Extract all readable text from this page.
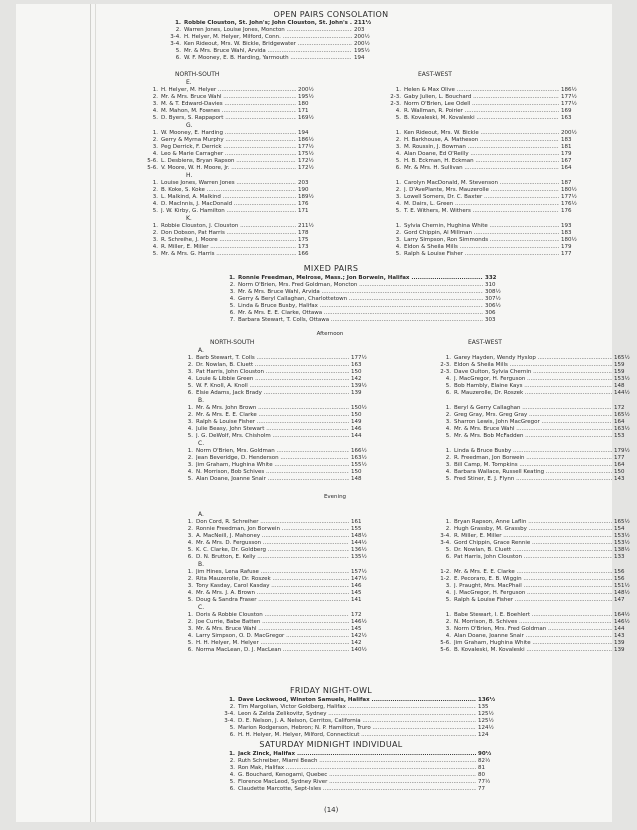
OPEN PAIRS CONSOLATION
1. Robbie Clouston, St. John's; John Clouston, St. John's ..... 211½
2. Warren Jones, Louise Jones, Moncton .....	203
3-4. H. Helyer, M. Helyer, Milford, Conn. .....	200½
3-4. Ken Rideout, Mrs. W. Bickle, Bridgewater .....	200½
5. Mr. & Mrs. Bruce Wahl, Arvida .....	195½
6. W. F. Mooney, E. B. Harding, Yarmouth .....	194
NORTH-SOUTH
E.
1. H. Helyer, M. Helyer .....	200½
2. Mr. & Mrs. Bruce Wahl .....	195½
3. M. & T. Edward-Davies .....	180
4. M. Mahon, M. Fownes .....	171
5. D. Byers, S. Rappaport .....	169½
G.
1. W. Mooney, E. Harding .....	194
2. Gerry & Myrna Murphy .....	186½
3. Peg Derrick, F. Derrick .....	177½
4. Leo & Marie Carragher .....	175½
5-6. L. Desbiens, Bryan Rapson .....	172½
5-6. V. Moore, W. H. Moore, Jr. .....	172½
H.
1. Louise Jones, Warren Jones .....	203
2. B. Koke, S. Koke .....	190
3. L. Malkind, A. Malkind .....	189½
4. D. MacInnis, J. MacDonald .....	176
5. J. W. Kirby, G. Hamilton .....	171
K.
1. Robbie Clouston, J. Clouston .....	211½
2. Don Dobson, Pat Harris .....	178
3. R. Schreihe, J. Moore .....	175
4. R. Miller, E. Miller .....	173
5. Mr. & Mrs. G. Harris .....	166
EAST-WEST
1. Helen & Max Olive .....	186½
2-3. Gaby Julien, L. Bouchard .....	177½
2-3. Norm O'Brien, Lee Odell .....	177½
4. R. Wallman, R. Poirier .....	169
5. B. Kovaleski, M. Kovaleski .....	163
1. Ken Rideout, Mrs. W. Bickle .....	200½
2. H. Barkhouse, A. Matheson .....	183
3. M. Roussin, J. Bowman .....	181
4. Alan Doane, Ed O'Reilly .....	179
5. H. B. Eckman, H. Eckman .....	167
6. Mr. & Mrs. H. Sullivan .....	164
1. Carolyn MacDonald, M. Stevenson .....	187
2. J. D'AvePlante, Mrs. Mauzerolle .....	180½
3. Lowell Somers, Dr. C. Baxter .....	177½
4. M. Dairs, L. Green .....	176½
5. T. E. Withers, M. Withers .....	176
1. Sylvia Chernin, Hughina White .....	193
2. Gord Chippin, Al Millman .....	183
3. Larry Simpson, Ron Simmonds .....	180½
4. Eldon & Sheila Mills .....	179
5. Ralph & Louise Fisher .....	177
MIXED PAIRS
1. Ronnie Freedman, Melrose, Mass.; Jon Borwein, Halifax .....	332
2. Norm O'Brien, Mrs. Fred Goldman, Moncton .....	310
3. Mr. & Mrs. Bruce Wahl, Arvida .....	308½
4. Gerry & Beryl Callaghan, Charlottetown .....	307½
5. Linda & Bruce Busby, Halifax .....	306½
6. Mr. & Mrs. E. E. Clarke, Ottawa .....	306
7. Barbara Stewart, T. Colls, Ottawa .....	303
Afternoon
NORTH-SOUTH
A.
1. Barb Stewart, T. Colls .....	177½
2. Dr. Nowlan, B. Cluett .....	163
3. Pat Harris, John Clouston .....	150
4. Louie & Libbie Green .....	142
5. W. F. Knoll, A. Knoll .....	139½
6. Elsie Adams, Jack Brady .....	139
B.
1. Mr. & Mrs. John Brown .....	150½
2. Mr. & Mrs. E. E. Clarke .....	150
3. Ralph & Louise Fisher .....	149
4. Julie Beasy, John Stewart .....	146
5. J. G. DeWolf, Mrs. Chisholm .....	144
C.
1. Norm O'Brien, Mrs. Goldman .....	166½
2. Jean Beveridge, D. Henderson .....	163½
3. Jim Graham, Hughina White .....	155½
4. N. Morrison, Bob Schives .....	150
5. Alan Doane, Joanne Snair .....	148
EAST-WEST
1. Garey Hayden, Wendy Hyslop .....	165½
2-3. Eldon & Sheila Mills .....	159
2-3. Dave Oulton, Sylvia Chernin .....	159
4. J. MacGregor, H. Ferguson .....	153½
5. Bob Hambly, Elaine Kays .....	148
6. R. Mauzerolle, Dr. Roszek .....	144½
1. Beryl & Gerry Callaghan .....	172
2. Greg Gray, Mrs. Greg Gray .....	165½
3. Sharron Lewis, John MacGregor .....	164
4. Mr. & Mrs. Bruce Wahl .....	163½
5. Mr. & Mrs. Bob McFadden .....	153
1. Linda & Bruce Busby .....	179½
2. R. Freedman, Jon Borwein .....	177
3. Bill Camp, M. Tompkins .....	164
4. Barbara Wallace, Russell Keating .....	150
5. Fred Stiner, E. J. Flynn .....	143
Evening
A.
1. Don Cord, R. Schreiher .....	161
2. Ronnie Freedman, Jon Borwein .....	155
3. A. MacNeill, J. Mahoney .....	148½
4. Mr. & Mrs. D. Fergusson .....	144½
5. K. C. Clarke, Dr. Goldberg .....	136½
6. D. N. Brutton, E. Kelly .....	135½
B.
1. Jim Hines, Lena Rafuse .....	157½
2. Rita Mauzerolle, Dr. Roszek .....	147½
3. Tony Kasday, Carol Kasday .....	146
4. Mr. & Mrs. J. A. Brown .....	145
5. Doug & Sandra Fraser .....	141
C.
1. Doris & Robbie Clouston .....	172
2. Joe Currie, Babe Batten .....	146½
3. Mr. & Mrs. Bruce Wahl .....	145
4. Larry Simpson, O. D. MacGregor .....	142½
5. H. H. Helyer, M. Helyer .....	142
6. Norma MacLean, D. J. MacLean .....	140½
1. Bryan Rapson, Anne Laflin .....	165½
2. Hugh Grassby, M. Grassby .....	154
3-4. R. Miller, E. Miller .....	153½
3-4. Gord Chippin, Grace Rennie .....	153½
5. Dr. Nowlan, B. Cluett .....	138½
6. Pat Harris, John Clouston .....	133
1-2. Mr. & Mrs. E. E. Clarke .....	156
1-2. E. Pecoraro, E. B. Wiggin .....	156
3. J. Praught, Mrs. MacPhail .....	151½
4. J. MacGregor, H. Ferguson .....	148½
5. Ralph & Louise Fisher .....	147
1. Babe Stewart, I. E. Boehlert .....	164½
2. N. Morrison, B. Schives .....	146½
3. Norm O'Brien, Mrs. Fred Goldman .....	144
4. Alan Doane, Joanne Snair .....	143
5-6. Jim Graham, Hughina White .....	139
5-6. B. Kovaleski, M. Kovaleski .....	139
FRIDAY NIGHT-OWL
1. Dave Lockwood, Winston Samuels, Halifax .....	136½
2. Tim Margolian, Victor Goldberg, Halifax .....	135
3-4. Leon & Zelda Zelikovitz, Sydney .....	125½
3-4. D. E. Nelson, J. A. Nelson, Cerritos, California .....	125½
5. Marion Rodgerson, Hebron; N. P. Hamilton, Truro .....	124½
6. H. H. Helyer, M. Helyer, Milford, Connecticut .....	124
SATURDAY MIDNIGHT INDIVIDUAL
1. Jack Zinck, Halifax .....	90½
2. Ruth Schreiber, Miami Beach .....	82½
3. Ron Mak, Halifax .....	81
4. G. Bouchard, Kenogami, Quebec .....	80
5. Florence MacLeod, Sydney River .....	77½
6. Claudette Marcotte, Sept-Isles .....	77
(14)
